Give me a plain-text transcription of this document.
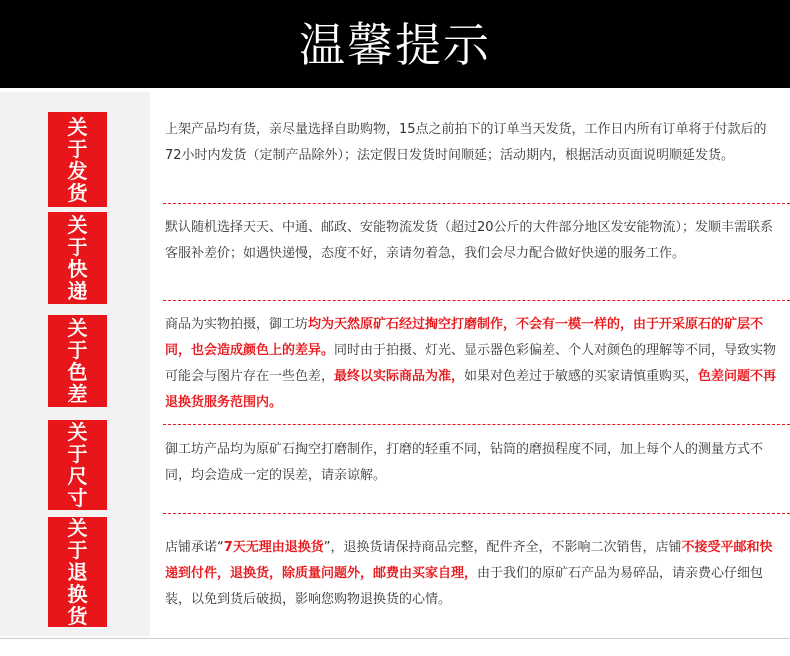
温馨提示
关
于
发
货
上架产品均有货，亲尽量选择自助购物，15点之前拍下的订单当天发货，工作日内所有订单将于付款后的72小时内发货（定制产品除外）；法定假日发货时间顺延；活动期内，根据活动页面说明顺延发货。
关
于
快
递
默认随机选择天天、中通、邮政、安能物流发货（超过20公斤的大件部分地区发安能物流）；发顺丰需联系客服补差价；如遇快递慢，态度不好，亲请勿着急，我们会尽力配合做好快递的服务工作。
关
于
色
差
商品为实物拍摄，御工坊均为天然原矿石经过掏空打磨制作，不会有一模一样的，由于开采原石的矿层不同，也会造成颜色上的差异。同时由于拍摄、灯光、显示器色彩偏差、个人对颜色的理解等不同，导致实物可能会与图片存在一些色差，最终以实际商品为准，如果对色差过于敏感的买家请慎重购买，色差问题不再退换货服务范围内。
关
于
尺
寸
御工坊产品均为原矿石掏空打磨制作，打磨的轻重不同，钻筒的磨损程度不同，加上每个人的测量方式不同，均会造成一定的误差，请亲谅解。
关
于
退
换
货
店铺承诺“7天无理由退换货”，退换货请保持商品完整，配件齐全，不影响二次销售，店铺不接受平邮和快递到付件，退换货，除质量问题外，邮费由买家自理，由于我们的原矿石产品为易碎品，请亲费心仔细包装，以免到货后破损，影响您购物退换货的心情。
